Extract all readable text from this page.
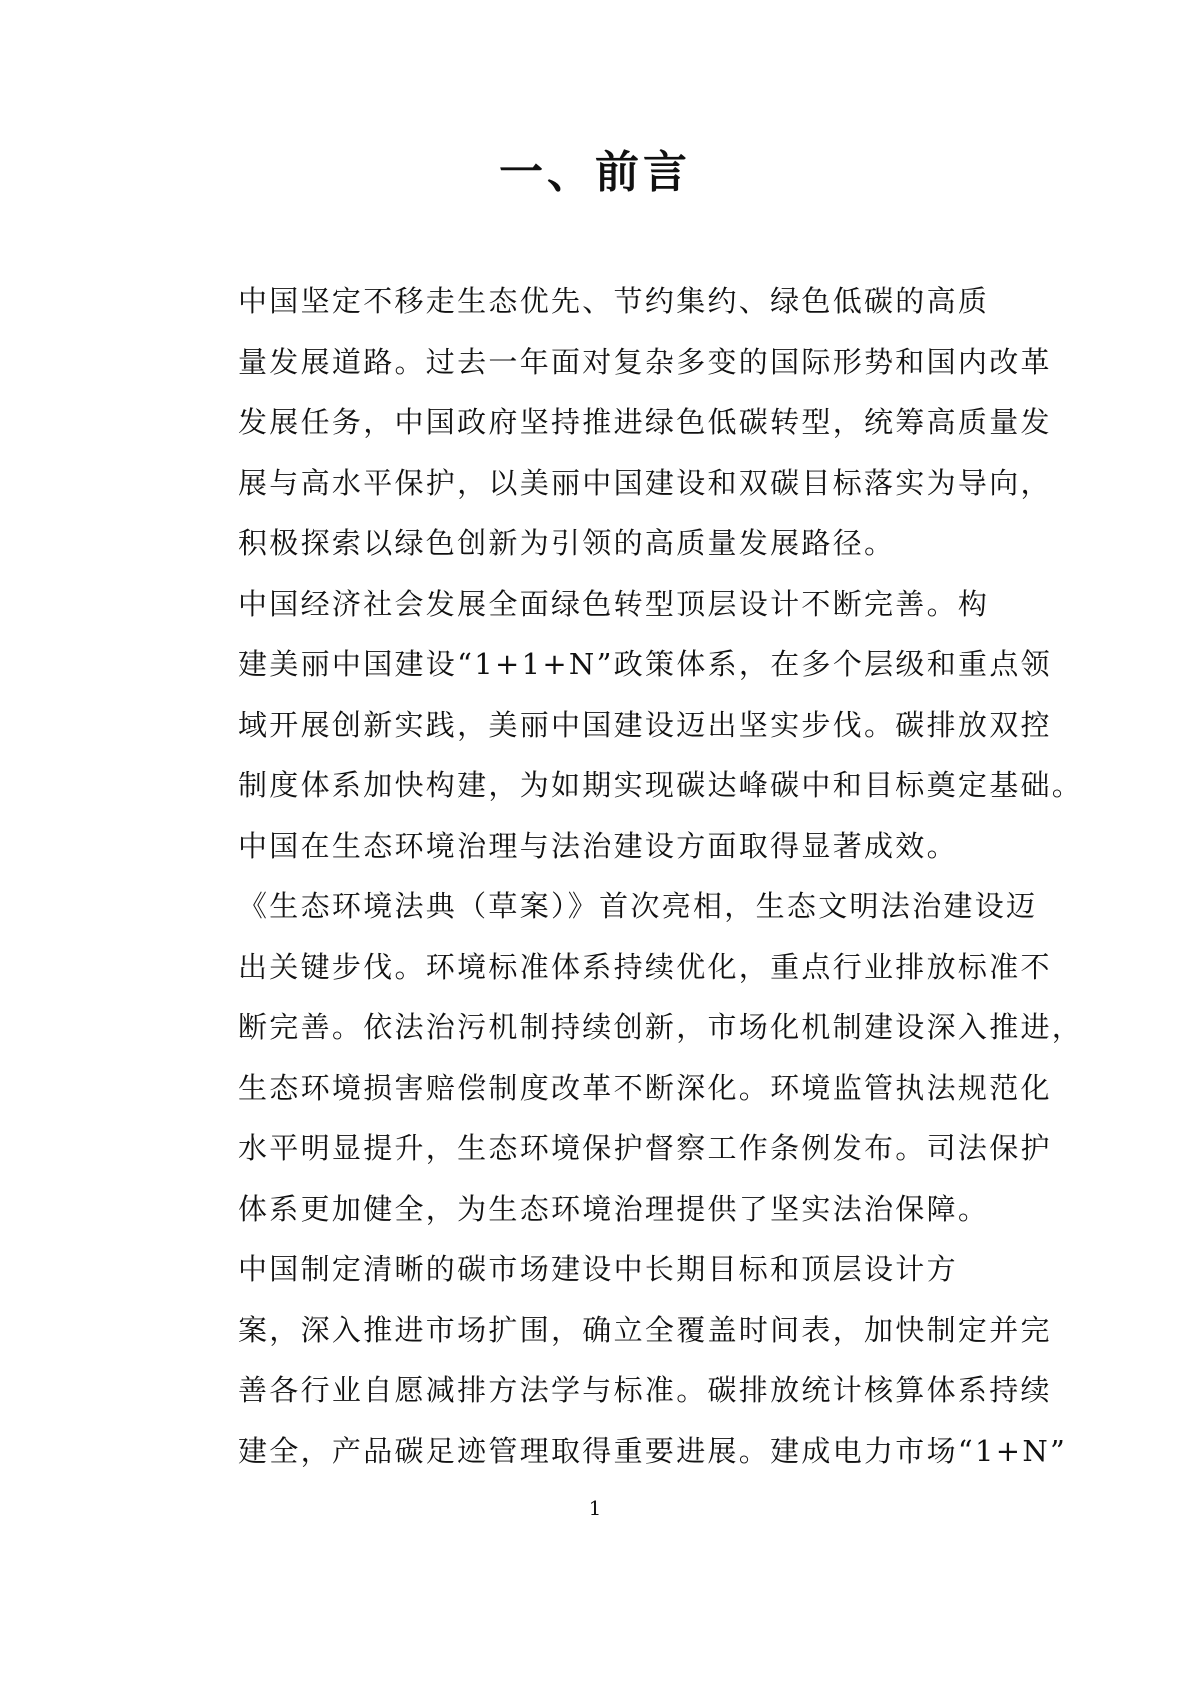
一、前言

中国坚定不移走生态优先、节约集约、绿色低碳的高质
量发展道路。过去一年面对复杂多变的国际形势和国内改革
发展任务，中国政府坚持推进绿色低碳转型，统筹高质量发
展与高水平保护，以美丽中国建设和双碳目标落实为导向，
积极探索以绿色创新为引领的高质量发展路径。

中国经济社会发展全面绿色转型顶层设计不断完善。构
建美丽中国建设“1+1+N”政策体系，在多个层级和重点领
域开展创新实践，美丽中国建设迈出坚实步伐。碳排放双控
制度体系加快构建，为如期实现碳达峰碳中和目标奠定基础。

中国在生态环境治理与法治建设方面取得显著成效。
《生态环境法典（草案）》首次亮相，生态文明法治建设迈
出关键步伐。环境标准体系持续优化，重点行业排放标准不
断完善。依法治污机制持续创新，市场化机制建设深入推进，
生态环境损害赔偿制度改革不断深化。环境监管执法规范化
水平明显提升，生态环境保护督察工作条例发布。司法保护
体系更加健全，为生态环境治理提供了坚实法治保障。

中国制定清晰的碳市场建设中长期目标和顶层设计方
案，深入推进市场扩围，确立全覆盖时间表，加快制定并完
善各行业自愿减排方法学与标准。碳排放统计核算体系持续
建全，产品碳足迹管理取得重要进展。建成电力市场“1+N”

1
